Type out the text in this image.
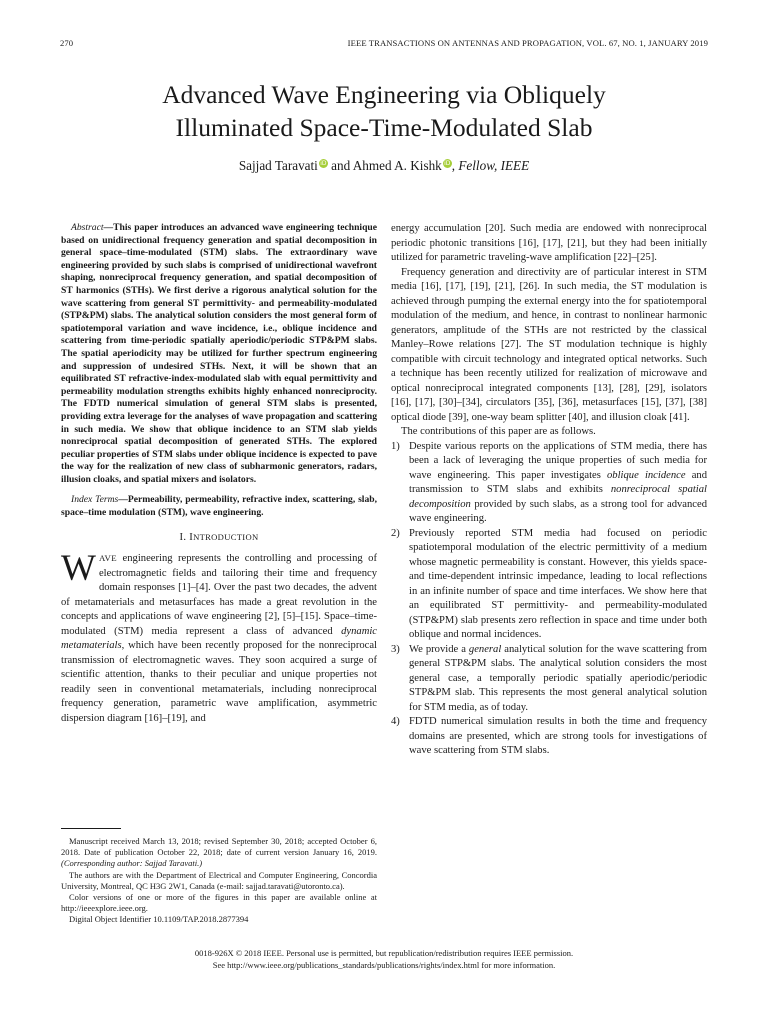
270	IEEE TRANSACTIONS ON ANTENNAS AND PROPAGATION, VOL. 67, NO. 1, JANUARY 2019
Advanced Wave Engineering via Obliquely
Illuminated Space-Time-Modulated Slab
Sajjad Taravati iD and Ahmed A. Kishk iD, Fellow, IEEE

Abstract—This paper introduces an advanced wave engineering technique based on unidirectional frequency generation and spatial decomposition in general space–time-modulated (STM) slabs. The extraordinary wave engineering provided by such slabs is comprised of unidirectional wavefront shaping, nonreciprocal frequency generation, and spatial decomposition of ST harmonics (STHs). We first derive a rigorous analytical solution for the wave scattering from general ST permittivity- and permeability-modulated (STP&PM) slabs. The analytical solution considers the most general form of spatiotemporal variation and wave incidence, i.e., oblique incidence and scattering from time-periodic spatially aperiodic/periodic STP&PM slabs. The spatial aperiodicity may be utilized for further spectrum engineering and suppression of undesired STHs. Next, it will be shown that an equilibrated ST refractive-index-modulated slab with equal permittivity and permeability modulation strengths exhibits highly enhanced nonreciprocity. The FDTD numerical simulation of general STM slabs is presented, providing extra leverage for the analyses of wave propagation and scattering in such media. We show that oblique incidence to an STM slab yields nonreciprocal spatial decomposition of generated STHs. The explored peculiar properties of STM slabs under oblique incidence is expected to pave the way for the realization of new class of subharmonic generators, radars, illusion cloaks, and spatial mixers and isolators.

Index Terms—Permeability, permeability, refractive index, scattering, slab, space–time modulation (STM), wave engineering.

I. INTRODUCTION

WAVE engineering represents the controlling and processing of electromagnetic fields and tailoring their time and frequency domain responses [1]–[4]. Over the past two decades, the advent of metamaterials and metasurfaces has made a great revolution in the concepts and applications of wave engineering [2], [5]–[15]. Space–time-modulated (STM) media represent a class of advanced dynamic metamaterials, which have been recently proposed for the nonreciprocal transmission of electromagnetic waves. They soon acquired a surge of scientific attention, thanks to their peculiar and unique properties not readily seen in conventional metamaterials, including nonreciprocal frequency generation, parametric wave amplification, asymmetric dispersion diagram [16]–[19], and

Manuscript received March 13, 2018; revised September 30, 2018; accepted October 6, 2018. Date of publication October 22, 2018; date of current version January 16, 2019. (Corresponding author: Sajjad Taravati.)

The authors are with the Department of Electrical and Computer Engineering, Concordia University, Montreal, QC H3G 2W1, Canada (e-mail: sajjad.taravati@utoronto.ca).

Color versions of one or more of the figures in this paper are available online at http://ieeexplore.ieee.org.

Digital Object Identifier 10.1109/TAP.2018.2877394

energy accumulation [20]. Such media are endowed with nonreciprocal periodic photonic transitions [16], [17], [21], but they had been initially utilized for parametric traveling-wave amplification [22]–[25].

Frequency generation and directivity are of particular interest in STM media [16], [17], [19], [21], [26]. In such media, the ST modulation is achieved through pumping the external energy into the for spatiotemporal modulation of the medium, and hence, in contrast to nonlinear harmonic generators, amplitude of the STHs are not restricted by the classical Manley–Rowe relations [27]. The ST modulation technique is highly compatible with circuit technology and integrated optical networks. Such a technique has been recently utilized for realization of microwave and optical nonreciprocal integrated components [13], [28], [29], isolators [16], [17], [30]–[34], circulators [35], [36], metasurfaces [15], [37], [38] optical diode [39], one-way beam splitter [40], and illusion cloak [41].

The contributions of this paper are as follows.

1) Despite various reports on the applications of STM media, there has been a lack of leveraging the unique properties of such media for wave engineering. This paper investigates oblique incidence and transmission to STM slabs and exhibits nonreciprocal spatial decomposition provided by such slabs, as a strong tool for advanced wave engineering.
2) Previously reported STM media had focused on periodic spatiotemporal modulation of the electric permittivity of a medium whose magnetic permeability is constant. However, this yields space- and time-dependent intrinsic impedance, leading to local reflections in an infinite number of space and time interfaces. We show here that an equilibrated ST permittivity- and permeability-modulated (STP&PM) slab presents zero reflection in space and time under both oblique and normal incidences.
3) We provide a general analytical solution for the wave scattering from general STP&PM slabs. The analytical solution considers the most general case, a temporally periodic spatially aperiodic/periodic STP&PM slab. This represents the most general analytical solution for STM media, as of today.
4) FDTD numerical simulation results in both the time and frequency domains are presented, which are strong tools for investigations of wave scattering from STM slabs.
0018-926X © 2018 IEEE. Personal use is permitted, but republication/redistribution requires IEEE permission.
See http://www.ieee.org/publications_standards/publications/rights/index.html for more information.
